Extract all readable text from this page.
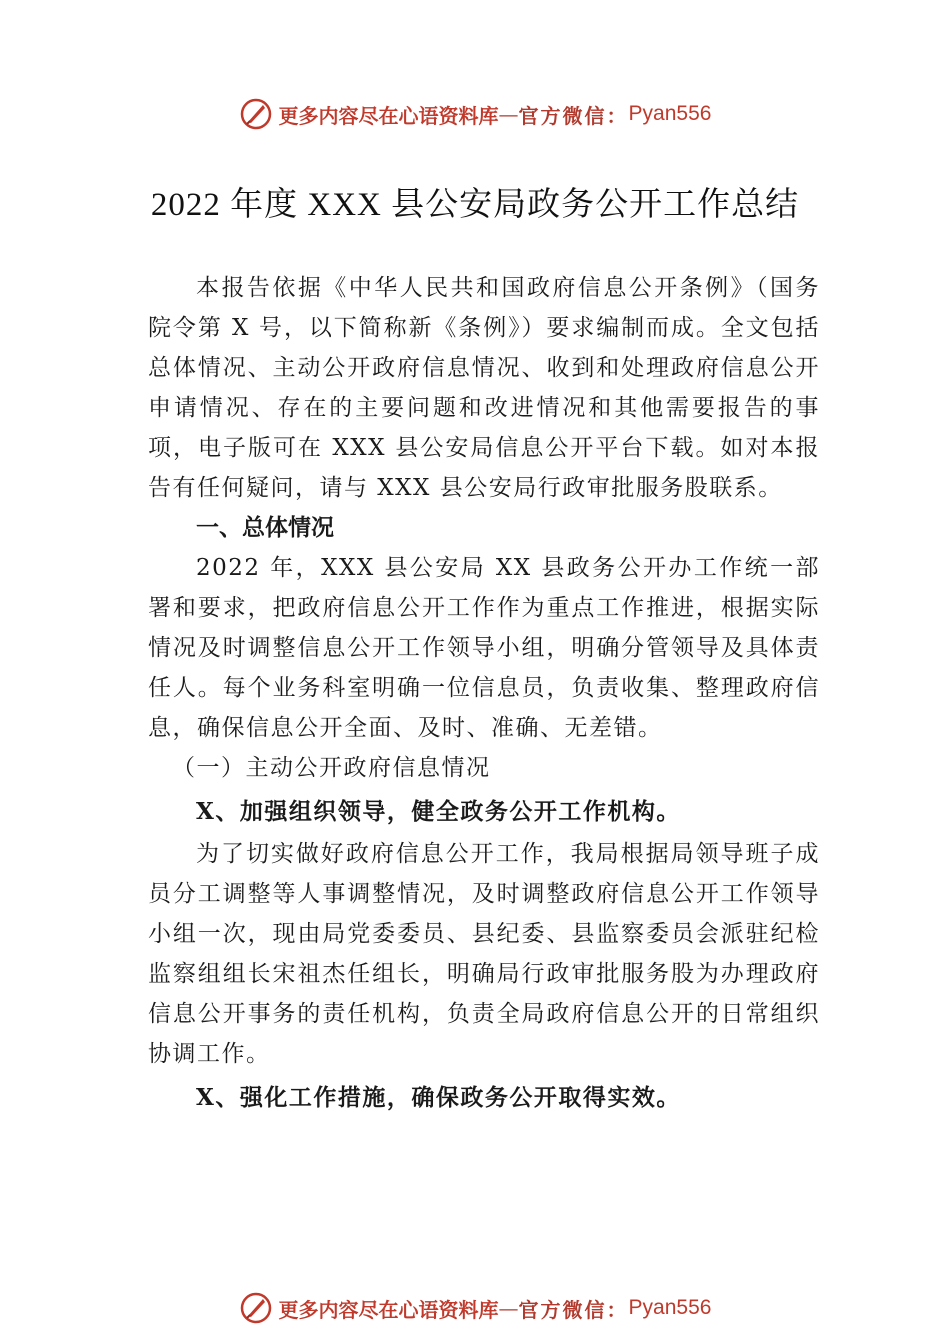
更多内容尽在心语资料库 — 官方微信： Pyan556
2022 年度 XXX 县公安局政务公开工作总结

本报告依据《中华人民共和国政府信息公开条例》（国务院令第 X 号，以下简称新《条例》）要求编制而成。全文包括总体情况、主动公开政府信息情况、收到和处理政府信息公开申请情况、存在的主要问题和改进情况和其他需要报告的事项，电子版可在 XXX 县公安局信息公开平台下载。如对本报告有任何疑问，请与 XXX 县公安局行政审批服务股联系。

一、总体情况

2022 年，XXX 县公安局 XX 县政务公开办工作统一部署和要求，把政府信息公开工作作为重点工作推进，根据实际情况及时调整信息公开工作领导小组，明确分管领导及具体责任人。每个业务科室明确一位信息员，负责收集、整理政府信息，确保信息公开全面、及时、准确、无差错。

（一）主动公开政府信息情况

X、加强组织领导，健全政务公开工作机构。

为了切实做好政府信息公开工作，我局根据局领导班子成员分工调整等人事调整情况，及时调整政府信息公开工作领导小组一次，现由局党委委员、县纪委、县监察委员会派驻纪检监察组组长宋祖杰任组长，明确局行政审批服务股为办理政府信息公开事务的责任机构，负责全局政府信息公开的日常组织协调工作。

X、强化工作措施，确保政务公开取得实效。

更多内容尽在心语资料库 — 官方微信： Pyan556
